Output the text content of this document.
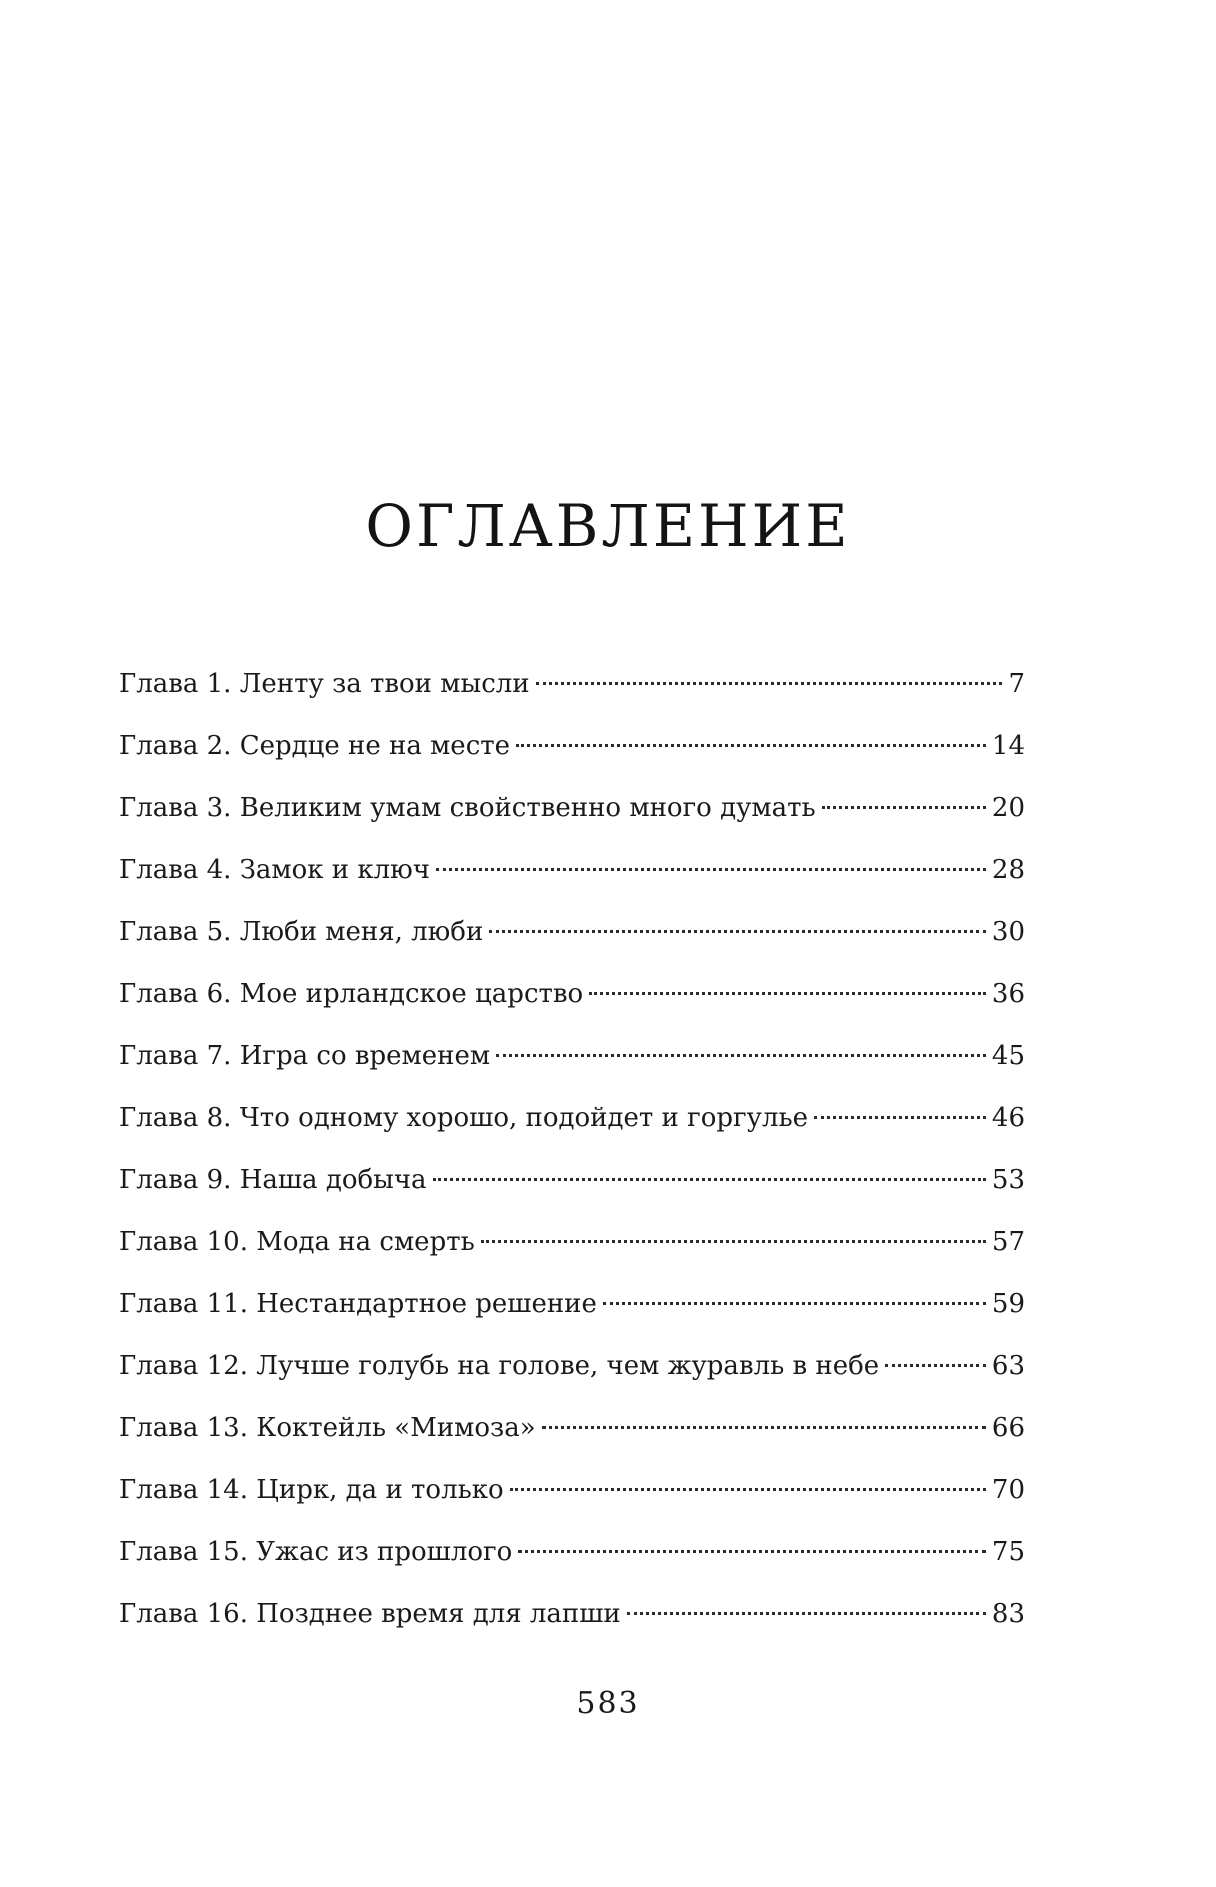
ОГЛАВЛЕНИЕ
Глава 1. Ленту за твои мысли	7
Глава 2. Сердце не на месте	14
Глава 3. Великим умам свойственно много думать	20
Глава 4. Замок и ключ	28
Глава 5. Люби меня, люби	30
Глава 6. Мое ирландское царство	36
Глава 7. Игра со временем	45
Глава 8. Что одному хорошо, подойдет и горгулье	46
Глава 9. Наша добыча	53
Глава 10. Мода на смерть	57
Глава 11. Нестандартное решение	59
Глава 12. Лучше голубь на голове, чем журавль в небе	63
Глава 13. Коктейль «Мимоза»	66
Глава 14. Цирк, да и только	70
Глава 15. Ужас из прошлого	75
Глава 16. Позднее время для лапши	83
583
